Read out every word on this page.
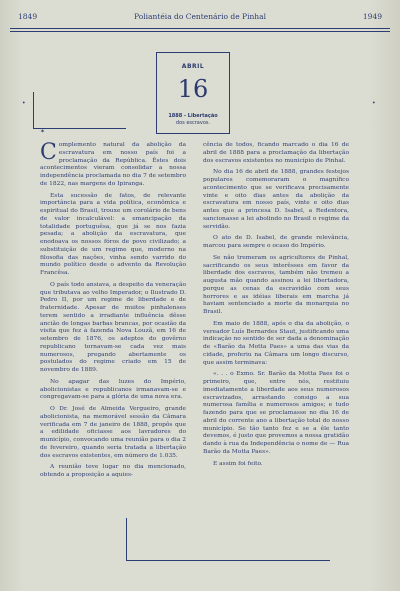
1849	Poliantéia do Centenário de Pinhal	1949
•	•
✶
ABRIL
16
1888 - Libertação
dos escravos.

Complemento natural da abolição da escravatura em nosso país foi a proclamação da República. Êstes dois acontecimentos vieram consolidar a nossa independência proclamada no dia 7 de setembro de 1822, nas margens do Ipiranga.

Esta sucessão de fatos, de relevante importância para a vida política, econômica e espiritual do Brasil, trouxe um corolário de bens de valor incalculável: a emancipação da totalidade portuguêsa, que já se nos fazia pesada; a abolição da escravatura, que enodoava os nossos fóros de povo civilizado; a substituição de um regime que, moderno na filosofia das nações, vinha sendo varrido do mundo político desde o advento da Revolução Francêsa.

O país todo ansiava, a despeito da veneração que tributava ao velho Imperador, o Ilustrado D. Pedro II, por um regime de liberdade e de fraternidade. Apesar de muitos pinhalenses terem sentido a irradiante influência dêsse ancião de longas barbas brancas, por ocasião da visita que fez à fazenda Nova Louzã, em 16 de setembro de 1876, os adeptos do govêrno republicano tornavam-se cada vez mais numerosos, pregando abertamente os postulados do regime criado em 15 de novembro de 1889.

No apagar das luzes do Império, abolicionistas e republicanos irmanavam-se e congregavam-se para a glória de uma nova era.

O Dr. José de Almeida Vergueiro, grande abolicionista, na memorável sessão da Câmara verificada em 7 de janeiro de 1888, propôs que a edilidade oficiasse aos lavradores do município, convocando uma reunião para o dia 2 de fevereiro, quando seria tratada a libertação dos escravos existentes, em número de 1.035.

A reunião teve lugar no dia mencionado, obtendo a proposição a aquies-

cência de todos, ficando marcado o dia 16 de abril de 1888 para a proclamação da libertação dos escravos existentes no município de Pinhal.

No dia 16 de abril de 1888, grandes festejos populares comemoraram o magnífico acontecimento que se verificava precisamente vinte e oito dias antes da abolição da escravatura em nosso país, vinte e oito dias antes que a princesa D. Isabel, a Redentora, sancionasse a lei abolindo no Brasil o regime da servidão.

O ato de D. Isabel, de grande relevância, marcou para sempre o ocaso do Império.

Se não tremeram os agricultores de Pinhal, sacrificando os seus interêsses em favor da liberdade dos escravos, também não tremeu a augusta mão quando assinou a lei libertadora, porque as cenas da escravidão com seus horrores e as idéias liberais em marcha já haviam sentenciado a morte da monarquia no Brasil.

Em maio de 1888, após o dia da abolição, o vereador Luís Bernardes Staut, justificando uma indicação no sentido de ser dada a denominação de «Barão da Motta Paes» a uma das vias da cidade, proferiu na Câmara um longo discurso, que assim terminava:

«. . . o Exmo. Sr. Barão da Motta Paes foi o primeiro, que, entre nós, restituiu imediatamente a liberdade aos seus numerosos escravizados, arrastando consigo a sua numerosa família e numerosos amigos; e tudo fazendo para que se proclamasse no dia 16 de abril do corrente ano a libertação total do nosso município. Se tão tanto fez e se a êle tanto devemos, é justo que provemos a nossa gratidão dando à rua da Independência o nome de — Rua Barão da Motta Paes».

E assim foi feito.
